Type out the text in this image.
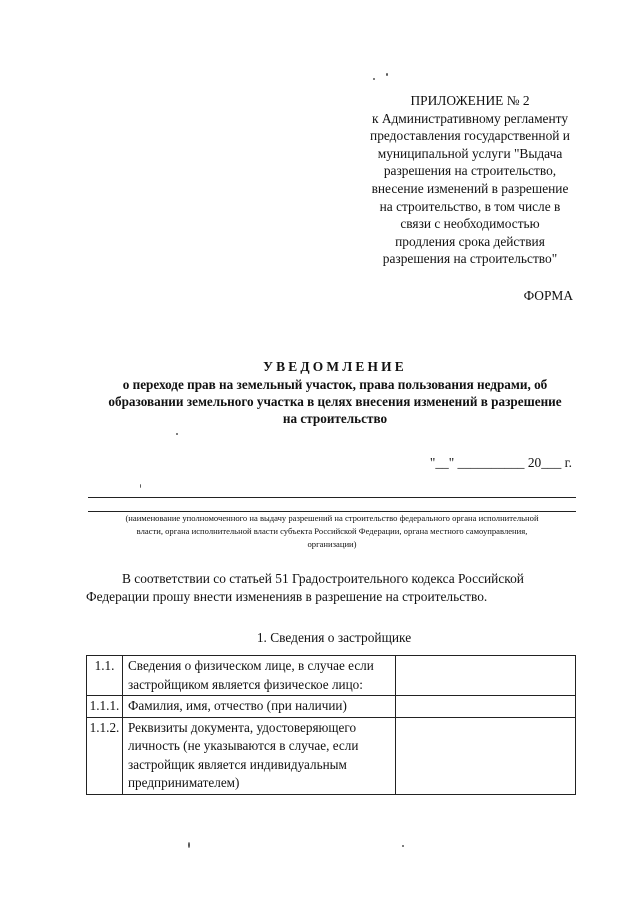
ПРИЛОЖЕНИЕ № 2
к Административному регламенту
предоставления государственной и
муниципальной услуги "Выдача
разрешения на строительство,
внесение изменений в разрешение
на строительство, в том числе в
связи с необходимостью
продления срока действия
разрешения на строительство"
ФОРМА
УВЕДОМЛЕНИЕ
о переходе прав на земельный участок, права пользования недрами, об
образовании земельного участка в целях внесения изменений в разрешение
на строительство
"__" __________ 20___ г.
(наименование уполномоченного на выдачу разрешений на строительство федерального органа исполнительной
власти, органа исполнительной власти субъекта Российской Федерации, органа местного самоуправления,
организации)
В соответствии со статьей 51 Градостроительного кодекса Российской
Федерации прошу внести измененияв в разрешение на строительство.
1. Сведения о застройщике
1.1.	Сведения о физическом лице, в случае если застройщиком является физическое лицо:	
1.1.1.	Фамилия, имя, отчество (при наличии)	
1.1.2.	Реквизиты документа, удостоверяющего личность (не указываются в случае, если застройщик является индивидуальным предпринимателем)	
